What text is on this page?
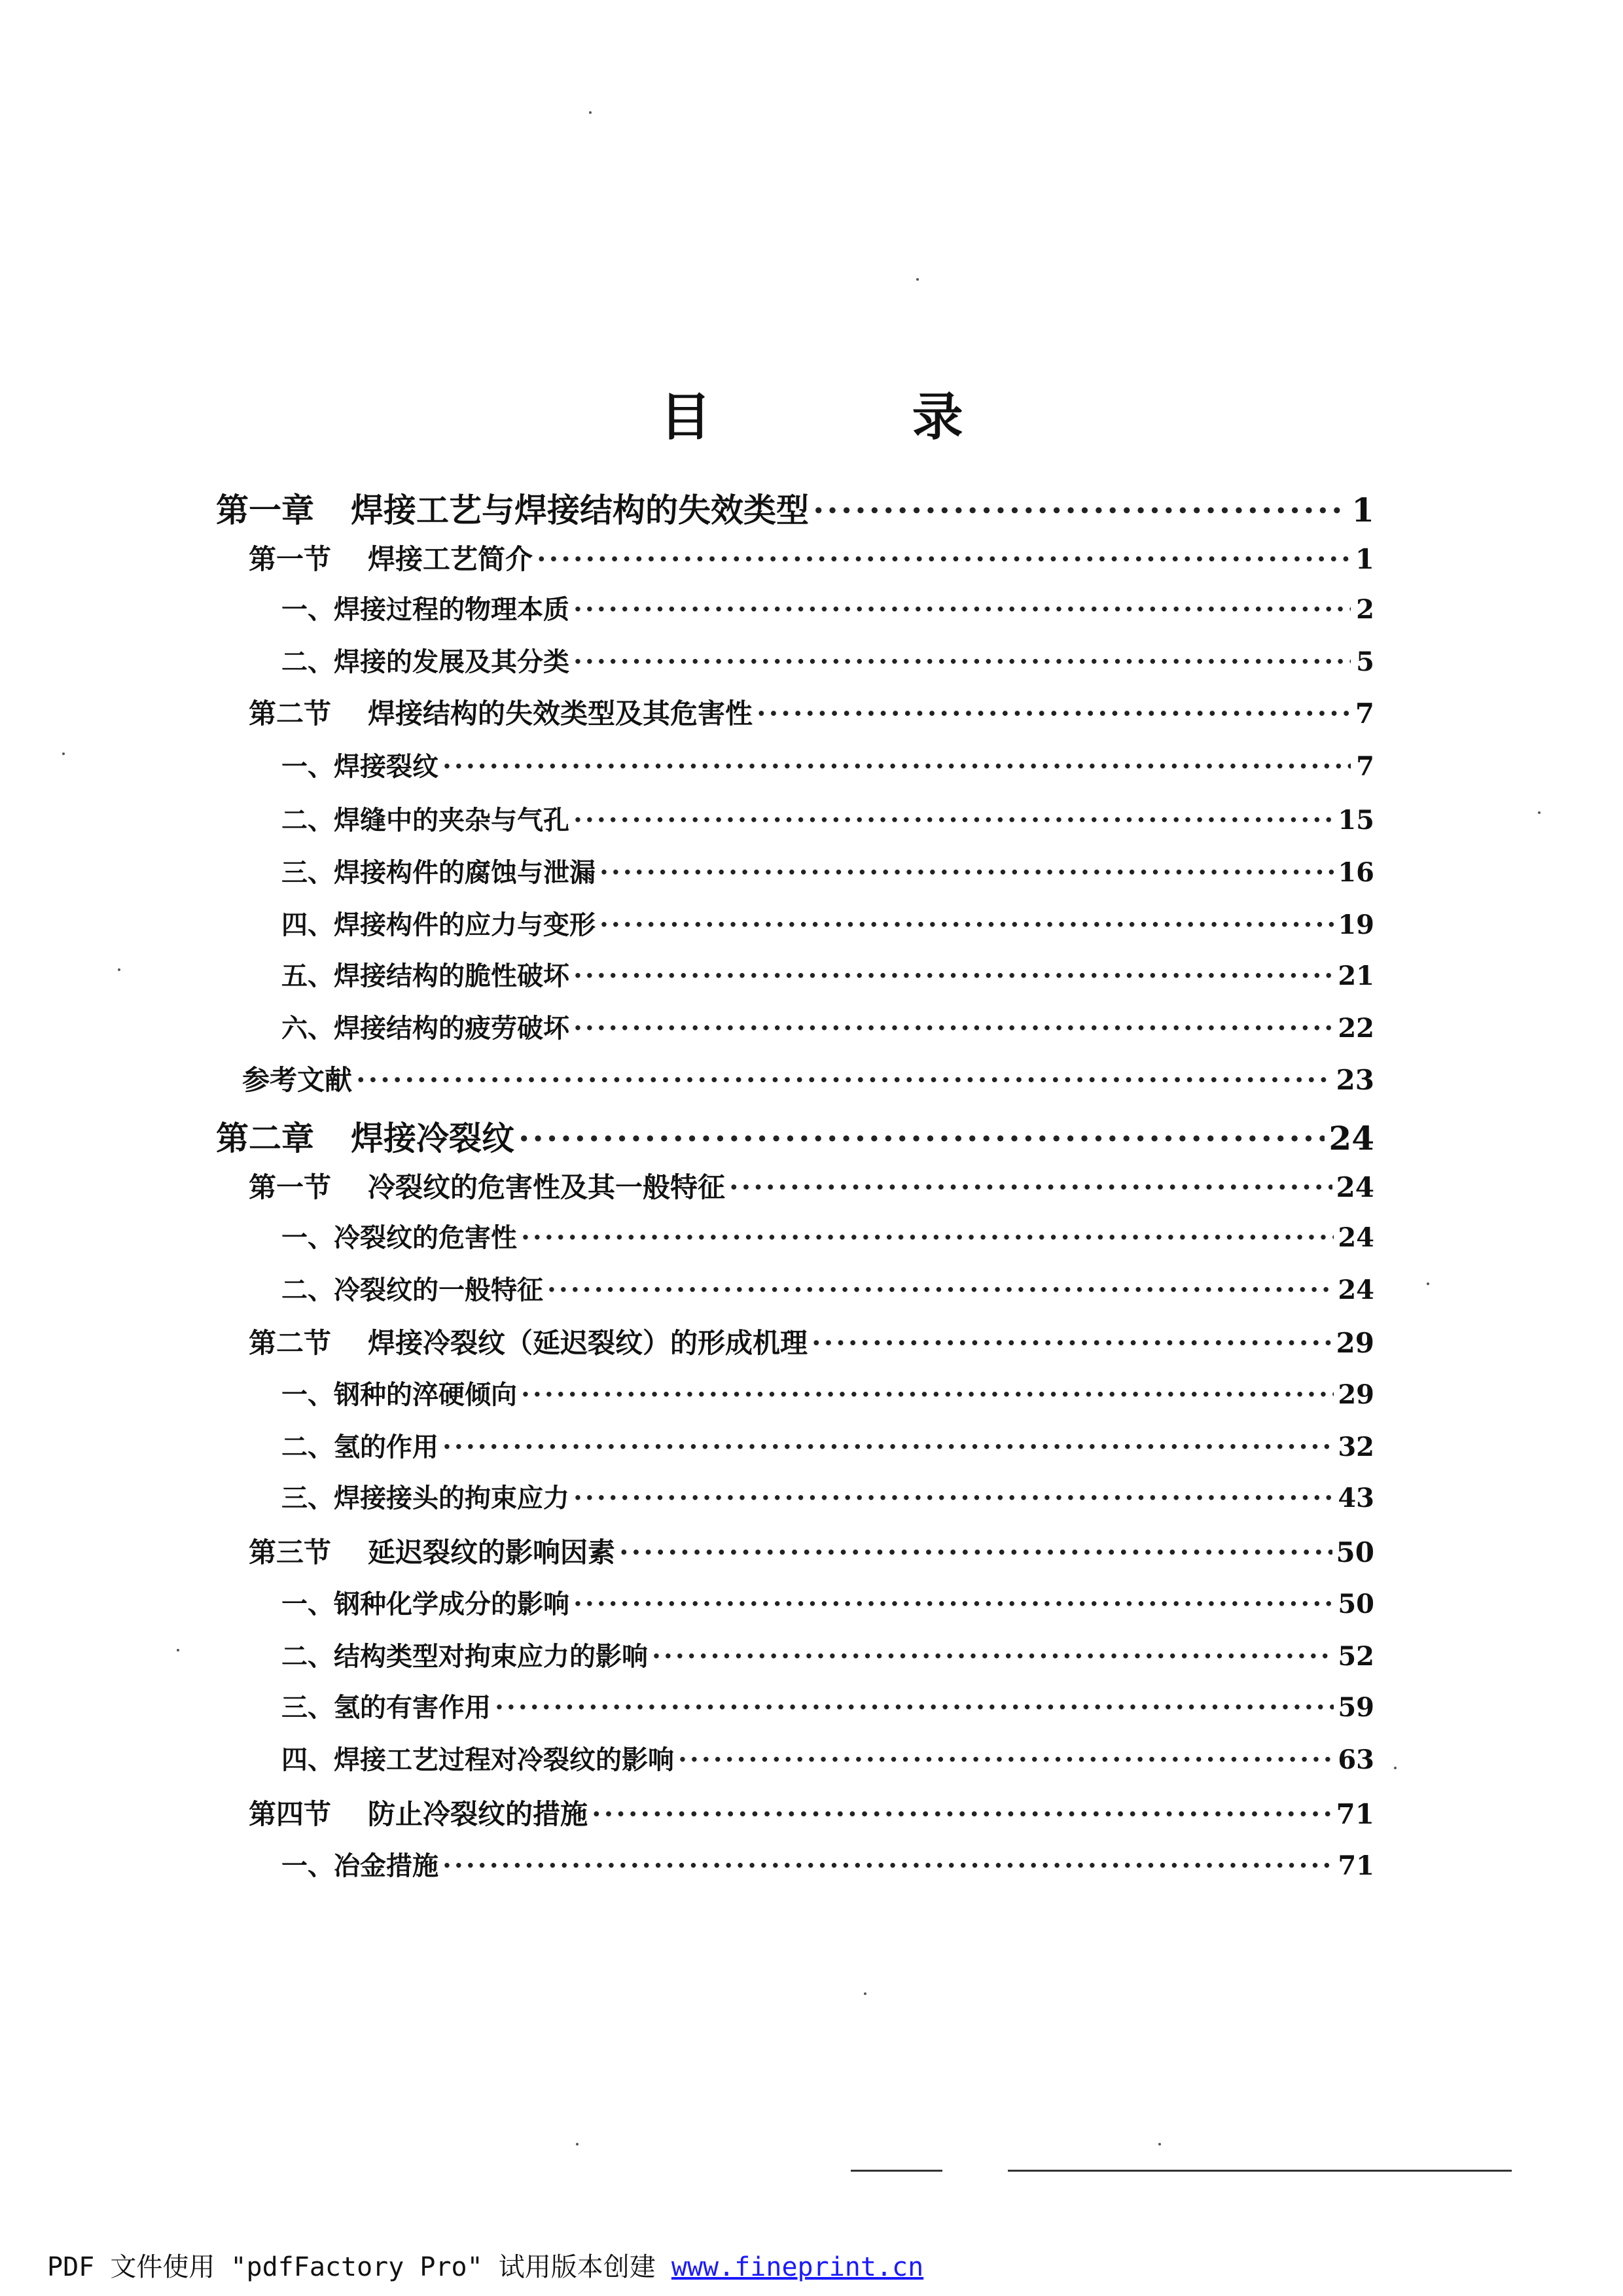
目 录
第一章 焊接工艺与焊接结构的失效类型 ·····	1
第一节 焊接工艺简介 ·····	1
一、焊接过程的物理本质 ·····	2
二、焊接的发展及其分类 ·····	5
第二节 焊接结构的失效类型及其危害性 ·····	7
一、焊接裂纹 ·····	7
二、焊缝中的夹杂与气孔 ·····	15
三、焊接构件的腐蚀与泄漏 ·····	16
四、焊接构件的应力与变形 ·····	19
五、焊接结构的脆性破坏 ·····	21
六、焊接结构的疲劳破坏 ·····	22
参考文献 ·····	23
第二章 焊接冷裂纹 ·····	24
第一节 冷裂纹的危害性及其一般特征 ·····	24
一、冷裂纹的危害性 ·····	24
二、冷裂纹的一般特征 ·····	24
第二节 焊接冷裂纹（延迟裂纹）的形成机理 ·····	29
一、钢种的淬硬倾向 ·····	29
二、氢的作用 ·····	32
三、焊接接头的拘束应力 ·····	43
第三节 延迟裂纹的影响因素 ·····	50
一、钢种化学成分的影响 ·····	50
二、结构类型对拘束应力的影响 ·····	52
三、氢的有害作用 ·····	59
四、焊接工艺过程对冷裂纹的影响 ·····	63
第四节 防止冷裂纹的措施 ·····	71
一、冶金措施 ·····	71
PDF 文件使用 "pdfFactory Pro" 试用版本创建 www.fineprint.cn
